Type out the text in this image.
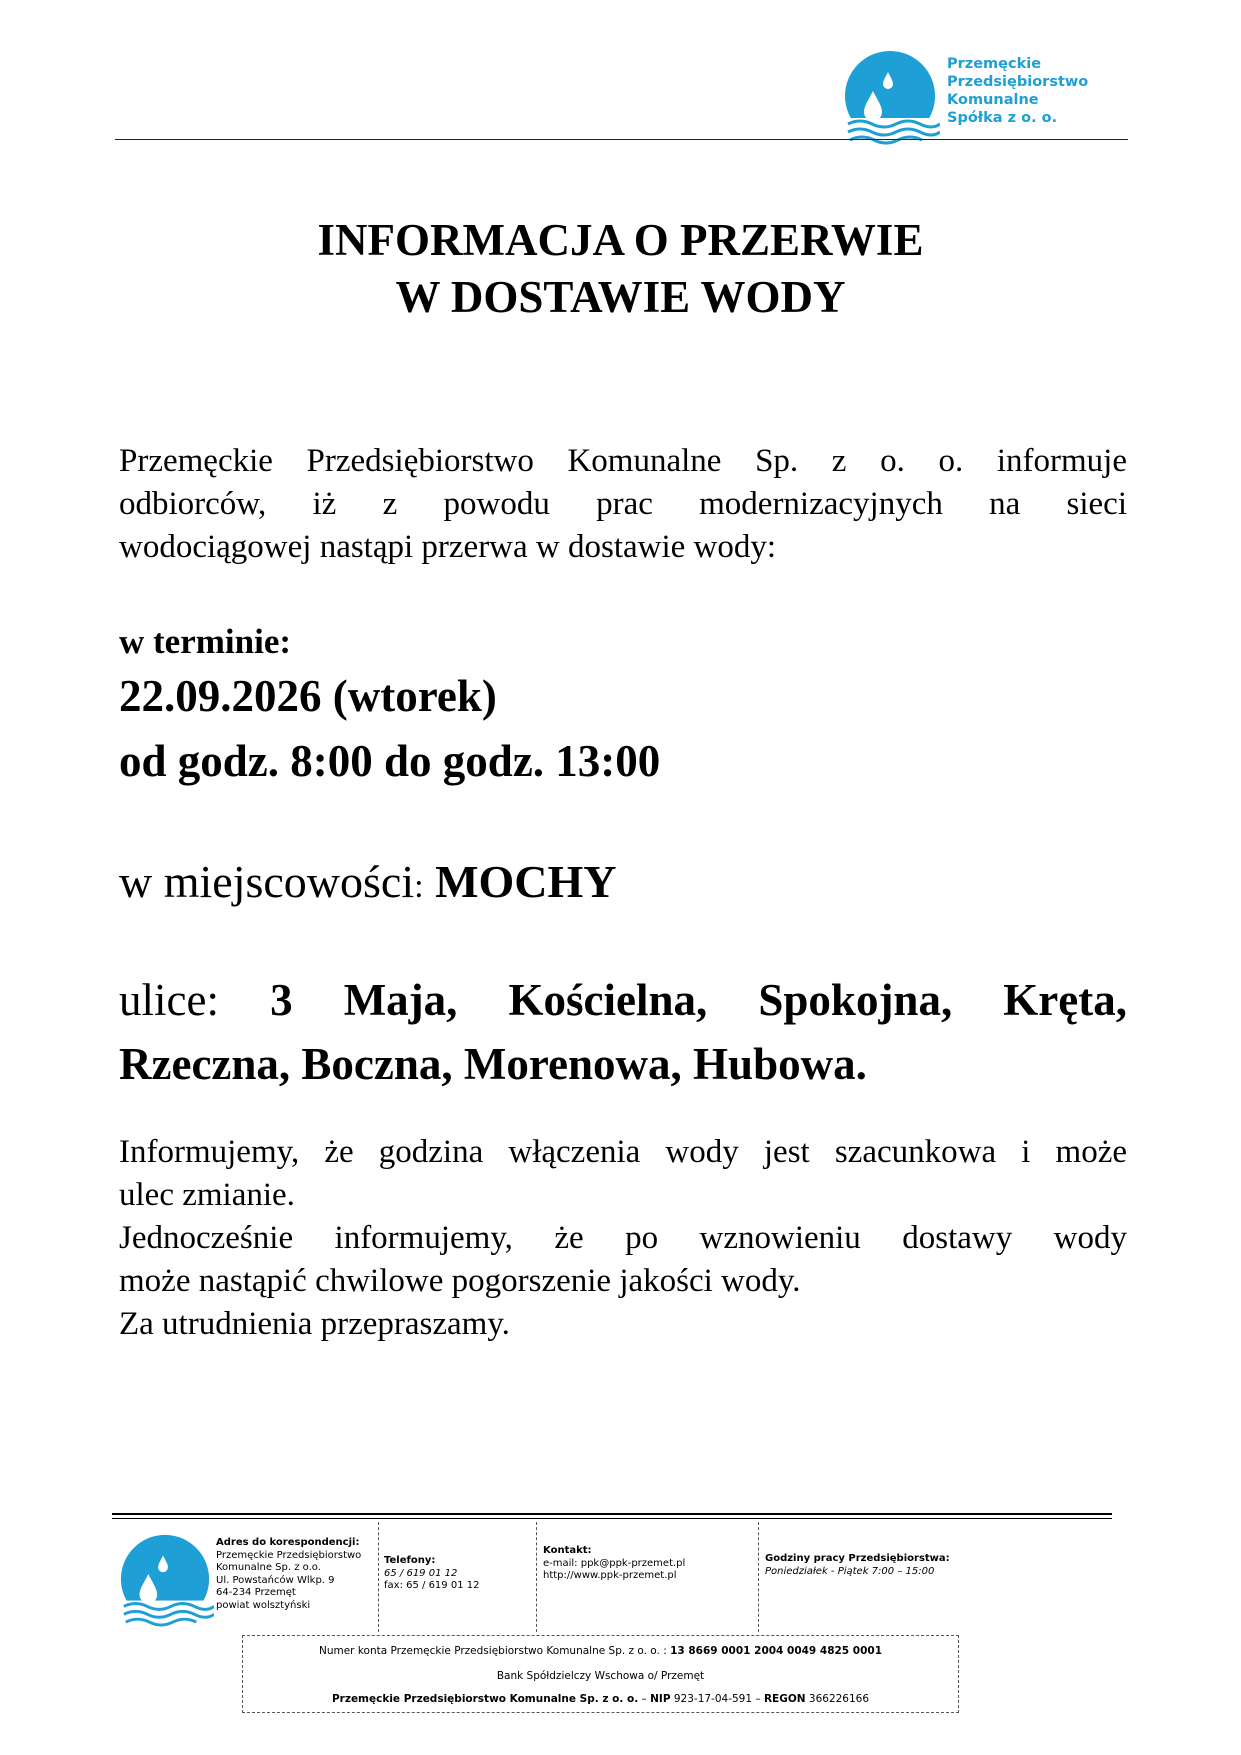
Przemęckie
Przedsiębiorstwo
Komunalne
Spółka z o. o.
INFORMACJA O PRZERWIE
W DOSTAWIE WODY
Przemęckie Przedsiębiorstwo Komunalne Sp. z o. o. informuje
odbiorców, iż z powodu prac modernizacyjnych na sieci
wodociągowej nastąpi przerwa w dostawie wody:
w terminie:
22.09.2026 (wtorek)
od godz. 8:00 do godz. 13:00
w miejscowości: MOCHY
ulice: 3 Maja, Kościelna, Spokojna, Kręta,
Rzeczna, Boczna, Morenowa, Hubowa.
Informujemy, że godzina włączenia wody jest szacunkowa i może
ulec zmianie.
Jednocześnie informujemy, że po wznowieniu dostawy wody
może nastąpić chwilowe pogorszenie jakości wody.
Za utrudnienia przepraszamy.
Adres do korespondencji:
Przemęckie Przedsiębiorstwo
Komunalne Sp. z o.o.
Ul. Powstańców Wlkp. 9
64-234 Przemęt
powiat wolsztyński
Telefony:
65 / 619 01 12
fax: 65 / 619 01 12
Kontakt:
e-mail: ppk@ppk-przemet.pl
http://www.ppk-przemet.pl
Godziny pracy Przedsiębiorstwa:
Poniedziałek - Piątek 7:00 – 15:00
Numer konta Przemęckie Przedsiębiorstwo Komunalne Sp. z o. o. : 13 8669 0001 2004 0049 4825 0001
Bank Spółdzielczy Wschowa o/ Przemęt
Przemęckie Przedsiębiorstwo Komunalne Sp. z o. o. – NIP 923-17-04-591 – REGON 366226166
